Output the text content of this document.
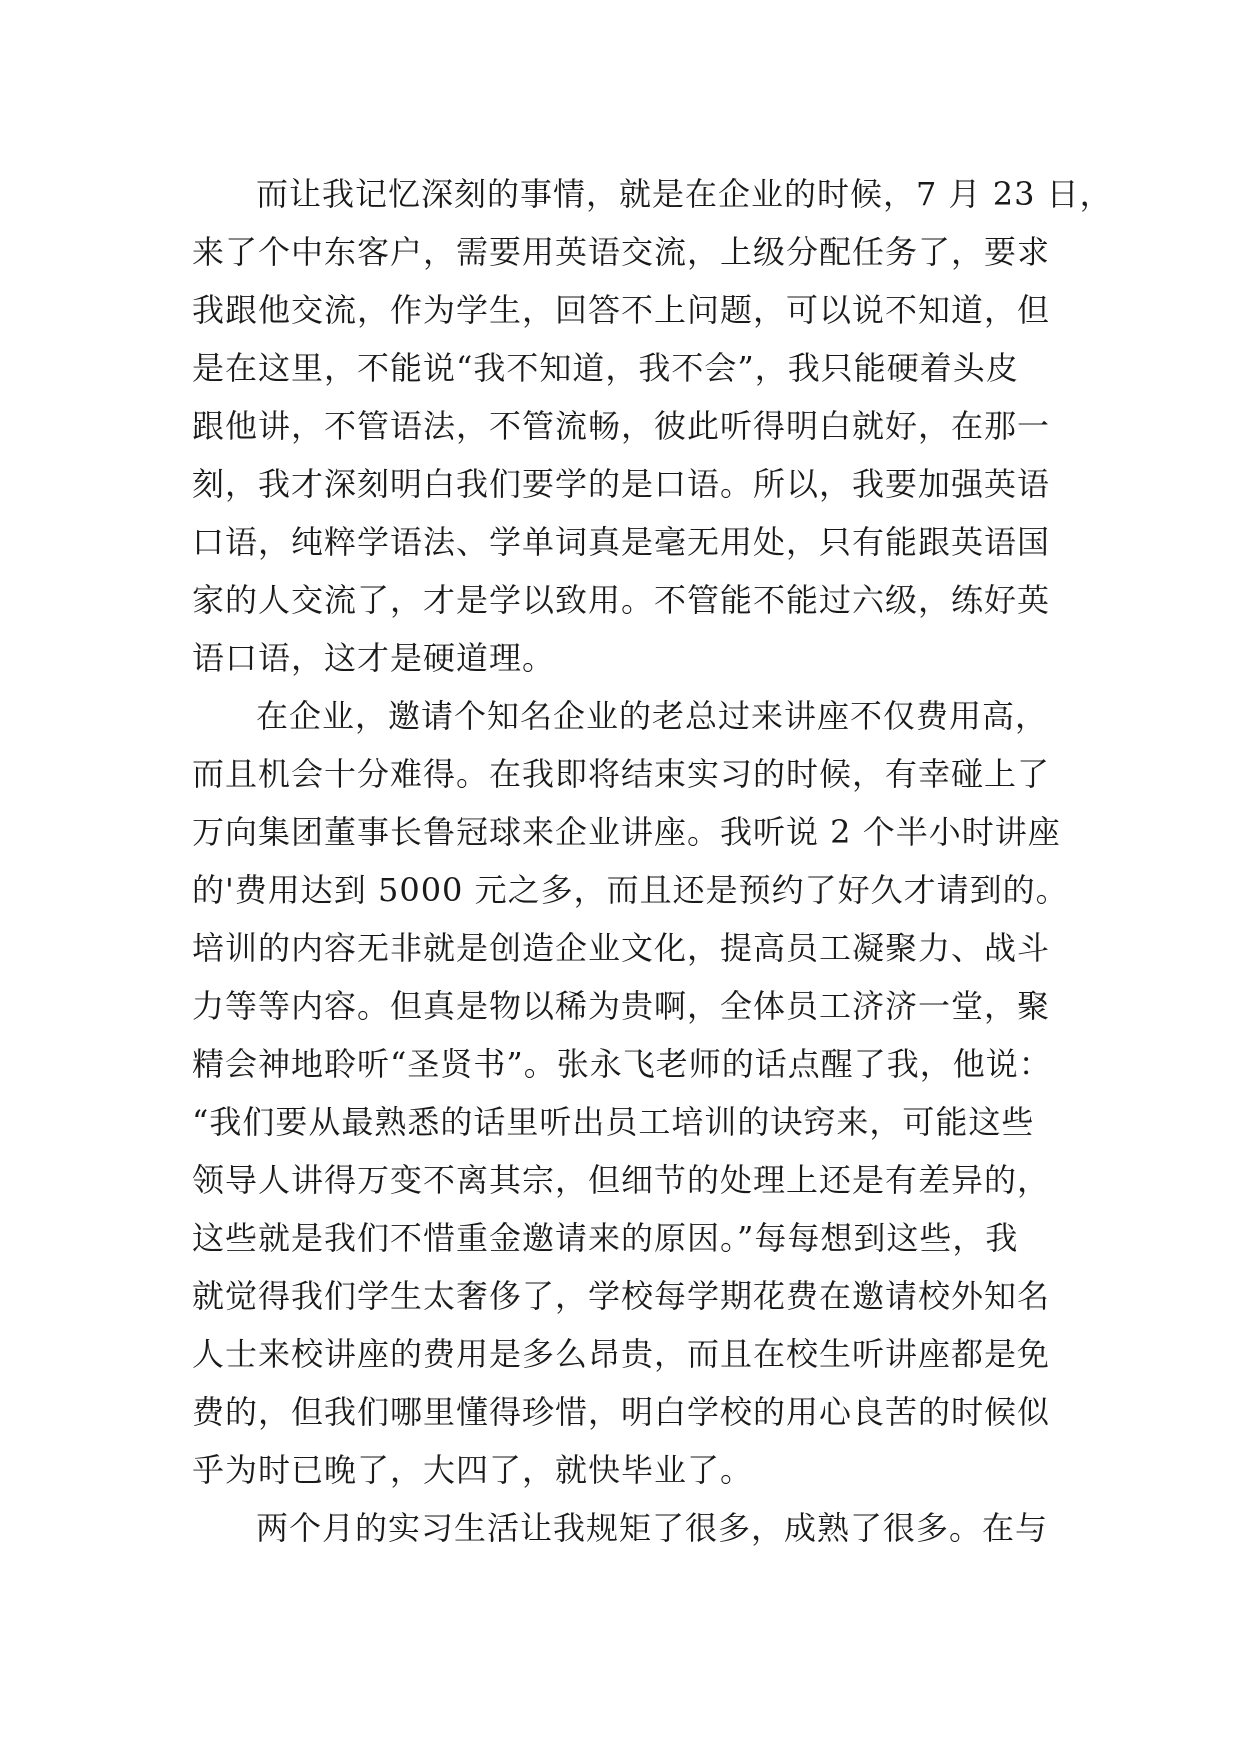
而让我记忆深刻的事情，就是在企业的时候，7 月 23 日，
来了个中东客户，需要用英语交流，上级分配任务了，要求
我跟他交流，作为学生，回答不上问题，可以说不知道，但
是在这里，不能说“我不知道，我不会”，我只能硬着头皮
跟他讲，不管语法，不管流畅，彼此听得明白就好，在那一
刻，我才深刻明白我们要学的是口语。所以，我要加强英语
口语，纯粹学语法、学单词真是毫无用处，只有能跟英语国
家的人交流了，才是学以致用。不管能不能过六级，练好英
语口语，这才是硬道理。
在企业，邀请个知名企业的老总过来讲座不仅费用高，
而且机会十分难得。在我即将结束实习的时候，有幸碰上了
万向集团董事长鲁冠球来企业讲座。我听说 2 个半小时讲座
的'费用达到 5000 元之多，而且还是预约了好久才请到的。
培训的内容无非就是创造企业文化，提高员工凝聚力、战斗
力等等内容。但真是物以稀为贵啊，全体员工济济一堂，聚
精会神地聆听“圣贤书”。张永飞老师的话点醒了我，他说：
“我们要从最熟悉的话里听出员工培训的诀窍来，可能这些
领导人讲得万变不离其宗，但细节的处理上还是有差异的，
这些就是我们不惜重金邀请来的原因。”每每想到这些，我
就觉得我们学生太奢侈了，学校每学期花费在邀请校外知名
人士来校讲座的费用是多么昂贵，而且在校生听讲座都是免
费的，但我们哪里懂得珍惜，明白学校的用心良苦的时候似
乎为时已晚了，大四了，就快毕业了。
两个月的实习生活让我规矩了很多，成熟了很多。在与
